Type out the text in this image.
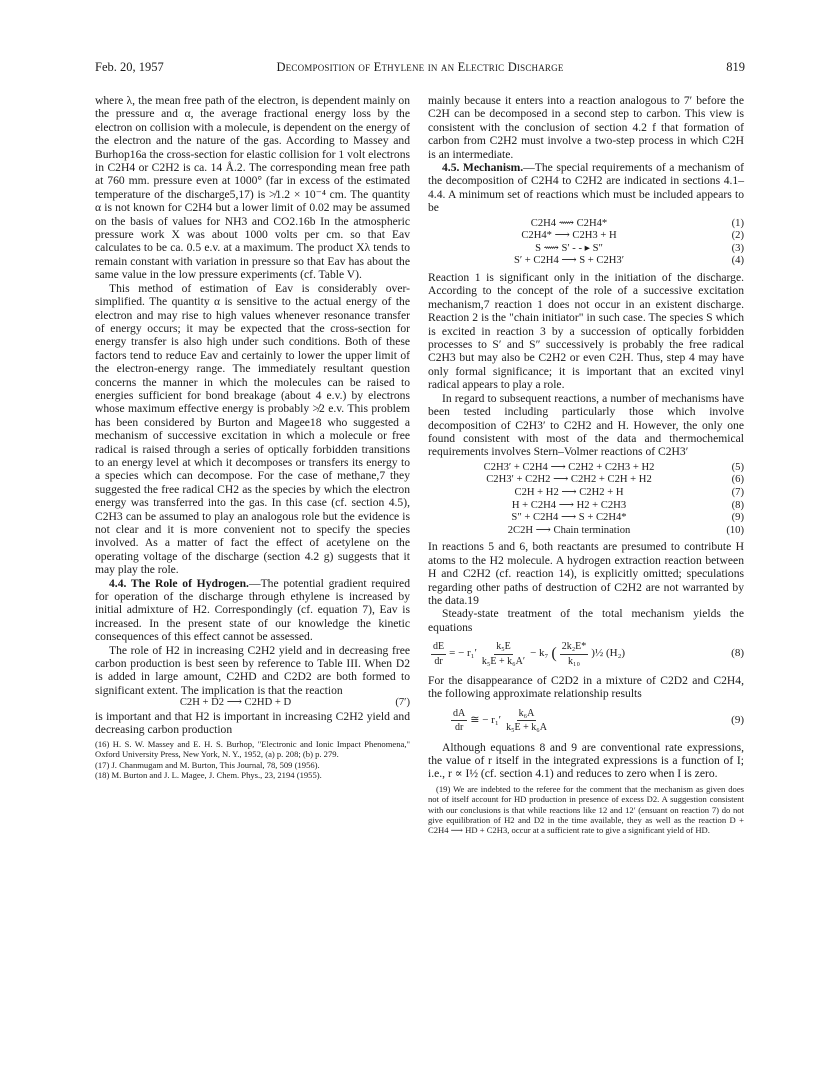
Feb. 20, 1957	Decomposition of Ethylene in an Electric Discharge	819

where λ, the mean free path of the electron, is dependent mainly on the pressure and α, the average fractional energy loss by the electron on collision with a molecule, is dependent on the energy of the electron and the nature of the gas. According to Massey and Burhop16a the cross-section for elastic collision for 1 volt electrons in C2H4 or C2H2 is ca. 14 Å.2. The corresponding mean free path at 760 mm. pressure even at 1000° (far in excess of the estimated temperature of the discharge5,17) is ≯1.2 × 10⁻⁴ cm. The quantity α is not known for C2H4 but a lower limit of 0.02 may be assumed on the basis of values for NH3 and CO2.16b In the atmospheric pressure work X was about 1000 volts per cm. so that Eav calculates to be ca. 0.5 e.v. at a maximum. The product Xλ tends to remain constant with variation in pressure so that Eav has about the same value in the low pressure experiments (cf. Table V).

This method of estimation of Eav is considerably over-simplified. The quantity α is sensitive to the actual energy of the electron and may rise to high values whenever resonance transfer of energy occurs; it may be expected that the cross-section for energy transfer is also high under such conditions. Both of these factors tend to reduce Eav and certainly to lower the upper limit of the electron-energy range. The immediately resultant question concerns the manner in which the molecules can be raised to energies sufficient for bond breakage (about 4 e.v.) by electrons whose maximum effective energy is probably ≯2 e.v. This problem has been considered by Burton and Magee18 who suggested a mechanism of successive excitation in which a molecule or free radical is raised through a series of optically forbidden transitions to an energy level at which it decomposes or transfers its energy to a species which can decompose. For the case of methane,7 they suggested the free radical CH2 as the species by which the electron energy was transferred into the gas. In this case (cf. section 4.5), C2H3 can be assumed to play an analogous role but the evidence is not clear and it is more convenient not to specify the species involved. As a matter of fact the effect of acetylene on the operating voltage of the discharge (section 4.2 g) suggests that it may play the role.

4.4. The Role of Hydrogen.—The potential gradient required for operation of the discharge through ethylene is increased by initial admixture of H2. Correspondingly (cf. equation 7), Eav is increased. In the present state of our knowledge the kinetic consequences of this effect cannot be assessed.

The role of H2 in increasing C2H2 yield and in decreasing free carbon production is best seen by reference to Table III. When D2 is added in large amount, C2HD and C2D2 are both formed to significant extent. The implication is that the reaction

C2H + D2 ⟶ C2HD + D	(7′)

is important and that H2 is important in increasing C2H2 yield and decreasing carbon production

(16) H. S. W. Massey and E. H. S. Burhop, "Electronic and Ionic Impact Phenomena," Oxford University Press, New York, N. Y., 1952, (a) p. 208; (b) p. 279.

(17) J. Chanmugam and M. Burton, This Journal, 78, 509 (1956).

(18) M. Burton and J. L. Magee, J. Chem. Phys., 23, 2194 (1955).

mainly because it enters into a reaction analogous to 7′ before the C2H can be decomposed in a second step to carbon. This view is consistent with the conclusion of section 4.2 f that formation of carbon from C2H2 must involve a two-step process in which C2H is an intermediate.

4.5. Mechanism.—The special requirements of a mechanism of the decomposition of C2H4 to C2H2 are indicated in sections 4.1–4.4. A minimum set of reactions which must be included appears to be

C2H4 ⟿ C2H4*	(1)
C2H4* ⟶ C2H3 + H	(2)
S ⟿ S′ - - ▸ S″	(3)
S′ + C2H4 ⟶ S + C2H3′	(4)

Reaction 1 is significant only in the initiation of the discharge. According to the concept of the role of a successive excitation mechanism,7 reaction 1 does not occur in an existent discharge. Reaction 2 is the "chain initiator" in such case. The species S which is excited in reaction 3 by a succession of optically forbidden processes to S′ and S″ successively is probably the free radical C2H3 but may also be C2H2 or even C2H. Thus, step 4 may have only formal significance; it is important that an excited vinyl radical appears to play a role.

In regard to subsequent reactions, a number of mechanisms have been tested including particularly those which involve decomposition of C2H3′ to C2H2 and H. However, the only one found consistent with most of the data and thermochemical requirements involves Stern–Volmer reactions of C2H3′

C2H3′ + C2H4 ⟶ C2H2 + C2H3 + H2	(5)
C2H3′ + C2H2 ⟶ C2H2 + C2H + H2	(6)
C2H + H2 ⟶ C2H2 + H	(7)
H + C2H4 ⟶ H2 + C2H3	(8)
S″ + C2H4 ⟶ S + C2H4*	(9)
2C2H ⟶ Chain termination	(10)

In reactions 5 and 6, both reactants are presumed to contribute H atoms to the H2 molecule. A hydrogen extraction reaction between H and C2H2 (cf. reaction 14), is explicitly omitted; speculations regarding other paths of destruction of C2H2 are not warranted by the data.19

Steady-state treatment of the total mechanism yields the equations

$\frac{dE}{dr}$ = − $r_1' \frac{\text{k₅E}}{\text{k₅E + k₆A′}} - k_7$ ( $\frac{\text{2k₂E*}}{\text{k₁₀}}$ )½ (H₂)	(8)

For the disappearance of C2D2 in a mixture of C2D2 and C2H4, the following approximate relationship results

$\frac{dA}{dr}$ ≅ − $r_1' \frac{\text{k₆A}}{\text{k₅E + k₆A}}$	(9)

Although equations 8 and 9 are conventional rate expressions, the value of r itself in the integrated expressions is a function of I; i.e., r ∝ I½ (cf. section 4.1) and reduces to zero when I is zero.

(19) We are indebted to the referee for the comment that the mechanism as given does not of itself account for HD production in presence of excess D2. A suggestion consistent with our conclusions is that while reactions like 12 and 12′ (ensuant on reaction 7) do not give equilibration of H2 and D2 in the time available, they as well as the reaction D + C2H4 ⟶ HD + C2H3, occur at a sufficient rate to give a significant yield of HD.
